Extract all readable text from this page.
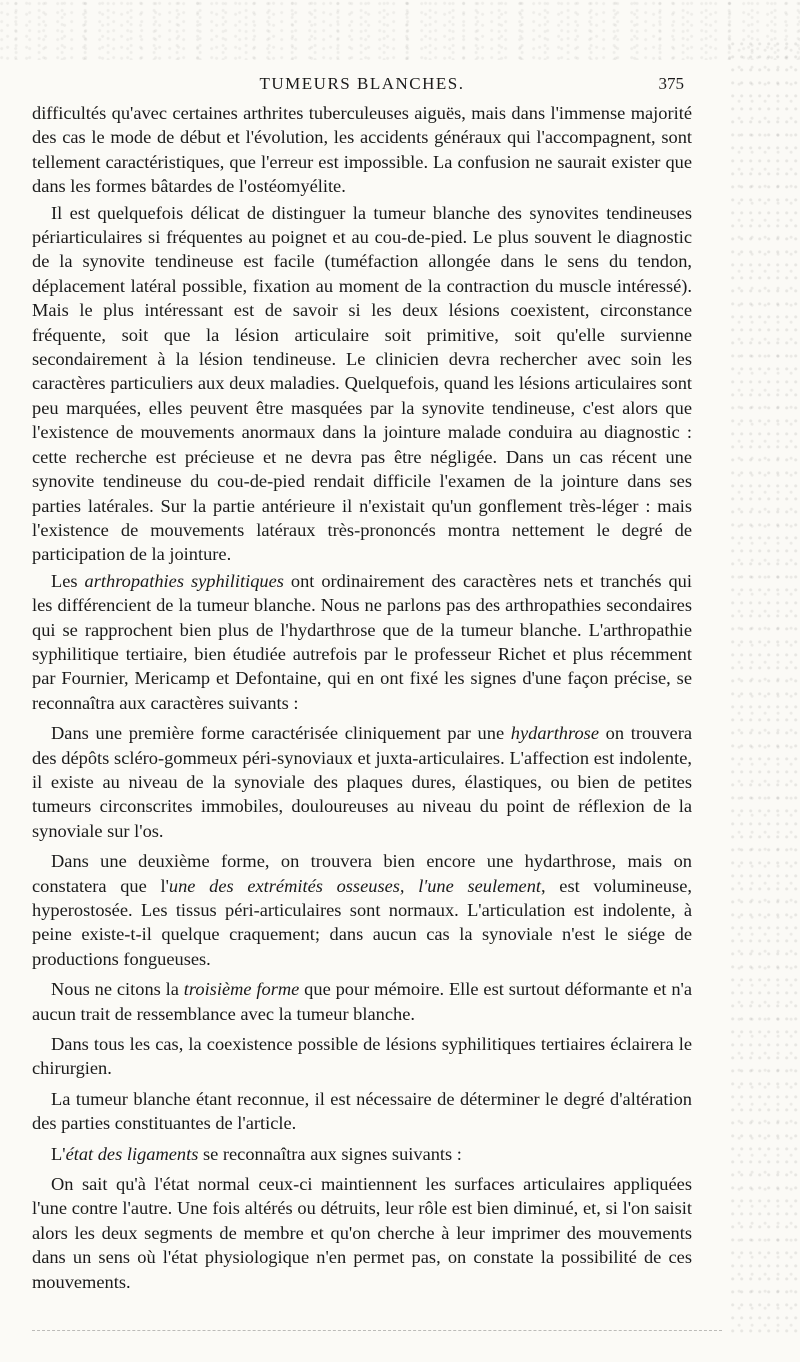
TUMEURS BLANCHES.	375

difficultés qu'avec certaines arthrites tuberculeuses aiguës, mais dans l'immense majorité des cas le mode de début et l'évolution, les accidents généraux qui l'accompagnent, sont tellement caractéristiques, que l'erreur est impossible. La confusion ne saurait exister que dans les formes bâtardes de l'ostéomyélite.

Il est quelquefois délicat de distinguer la tumeur blanche des synovites tendineuses périarticulaires si fréquentes au poignet et au cou-de-pied. Le plus souvent le diagnostic de la synovite tendineuse est facile (tuméfaction allongée dans le sens du tendon, déplacement latéral possible, fixation au moment de la contraction du muscle intéressé). Mais le plus intéressant est de savoir si les deux lésions coexistent, circonstance fréquente, soit que la lésion articulaire soit primitive, soit qu'elle survienne secondairement à la lésion tendineuse. Le clinicien devra rechercher avec soin les caractères particuliers aux deux maladies. Quelquefois, quand les lésions articulaires sont peu marquées, elles peuvent être masquées par la synovite tendineuse, c'est alors que l'existence de mouvements anormaux dans la jointure malade conduira au diagnostic : cette recherche est précieuse et ne devra pas être négligée. Dans un cas récent une synovite tendineuse du cou-de-pied rendait difficile l'examen de la jointure dans ses parties latérales. Sur la partie antérieure il n'existait qu'un gonflement très-léger : mais l'existence de mouvements latéraux très-prononcés montra nettement le degré de participation de la jointure.

Les arthropathies syphilitiques ont ordinairement des caractères nets et tranchés qui les différencient de la tumeur blanche. Nous ne parlons pas des arthropathies secondaires qui se rapprochent bien plus de l'hydarthrose que de la tumeur blanche. L'arthropathie syphilitique tertiaire, bien étudiée autrefois par le professeur Richet et plus récemment par Fournier, Mericamp et Defontaine, qui en ont fixé les signes d'une façon précise, se reconnaîtra aux caractères suivants :

Dans une première forme caractérisée cliniquement par une hydarthrose on trouvera des dépôts scléro-gommeux péri-synoviaux et juxta-articulaires. L'affection est indolente, il existe au niveau de la synoviale des plaques dures, élastiques, ou bien de petites tumeurs circonscrites immobiles, douloureuses au niveau du point de réflexion de la synoviale sur l'os.

Dans une deuxième forme, on trouvera bien encore une hydarthrose, mais on constatera que l'une des extrémités osseuses, l'une seulement, est volumineuse, hyperostosée. Les tissus péri-articulaires sont normaux. L'articulation est indolente, à peine existe-t-il quelque craquement; dans aucun cas la synoviale n'est le siége de productions fongueuses.

Nous ne citons la troisième forme que pour mémoire. Elle est surtout déformante et n'a aucun trait de ressemblance avec la tumeur blanche.

Dans tous les cas, la coexistence possible de lésions syphilitiques tertiaires éclairera le chirurgien.

La tumeur blanche étant reconnue, il est nécessaire de déterminer le degré d'altération des parties constituantes de l'article.

L'état des ligaments se reconnaîtra aux signes suivants :

On sait qu'à l'état normal ceux-ci maintiennent les surfaces articulaires appliquées l'une contre l'autre. Une fois altérés ou détruits, leur rôle est bien diminué, et, si l'on saisit alors les deux segments de membre et qu'on cherche à leur imprimer des mouvements dans un sens où l'état physiologique n'en permet pas, on constate la possibilité de ces mouvements.
